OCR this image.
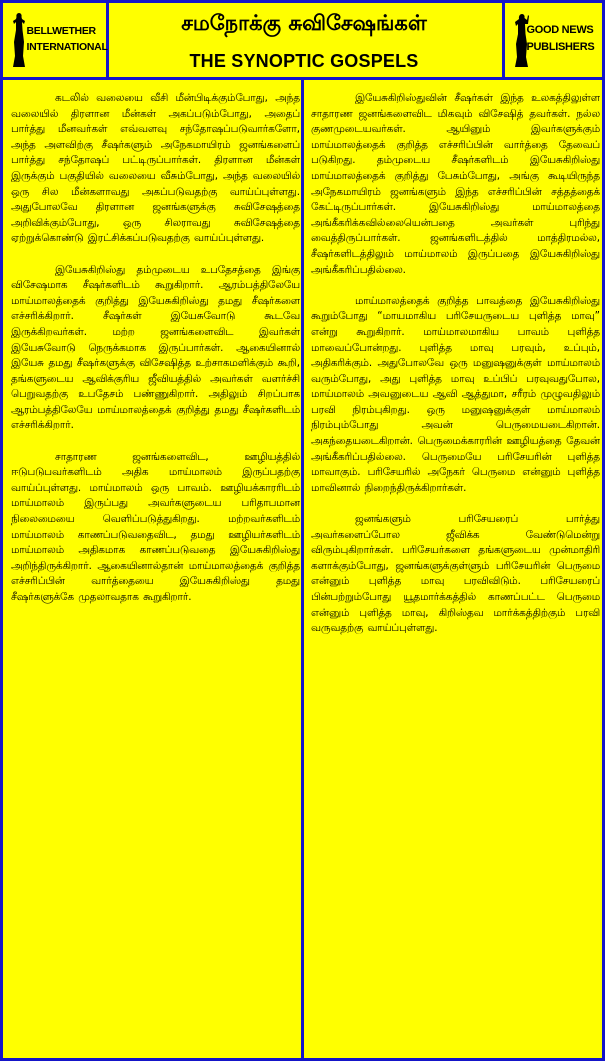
BELLWETHER
INTERNATIONAL
சமநோக்கு சுவிசேஷங்கள்
THE SYNOPTIC GOSPELS
GOOD NEWS
PUBLISHERS

கடலில் வலையை வீசி மீன்பிடிக்கும்போது, அந்த வலையில் திரளான மீன்கள் அகப்படும்போது, அதைப் பார்த்து மீனவர்கள் எவ்வளவு சந்தோஷப்படுவார்களோ, அந்த அளவிற்கு சீஷர்களும் அநேகமாயிரம் ஜனங்களைப் பார்த்து சந்தோஷப் பட்டிருப்பார்கள். திரளான மீன்கள் இருக்கும் பகுதியில் வலையை வீசும்போது, அந்த வலையில் ஒரு சில மீன்களாவது அகப்படுவதற்கு வாய்ப்புள்ளது. அதுபோலவே திரளான ஜனங்களுக்கு சுவிசேஷத்தை அறிவிக்கும்போது, ஒரு சிலராவது சுவிசேஷத்தை ஏற்றுக்கொண்டு இரட்சிக்கப்படுவதற்கு வாய்ப்புள்ளது.

இயேசுகிறிஸ்து தம்முடைய உபதேசத்தை இங்கு விசேஷமாக சீஷர்களிடம் கூறுகிறார். ஆரம்பத்திலேயே மாய்மாலத்தைக் குறித்து இயேசுகிறிஸ்து தமது சீஷர்களை எச்சரிக்கிறார். சீஷர்கள் இயேசுவோடு கூடவே இருக்கிறவர்கள். மற்ற ஜனங்களைவிட இவர்கள் இயேசுவோடு நெருக்கமாக இருப்பார்கள். ஆகையினால் இயேசு தமது சீஷர்களுக்கு விசேஷித்த உற்சாகமளிக்கும் கூறி, தங்களுடைய ஆவிக்குரிய ஜீவியத்தில் அவர்கள் வளர்ச்சி பெறுவதற்கு உபதேசம் பண்ணுகிறார். அதிலும் சிறப்பாக ஆரம்பத்திலேயே மாய்மாலத்தைக் குறித்து தமது சீஷர்களிடம் எச்சரிக்கிறார்.

சாதாரண ஜனங்களைவிட, ஊழியத்தில் ஈடுபடுபவர்களிடம் அதிக மாய்மாலம் இருப்பதற்கு வாய்ப்புள்ளது. மாய்மாலம் ஒரு பாவம். ஊழியக்காரரிடம் மாய்மாலம் இருப்பது அவர்களுடைய பரிதாபமான நிலைமையை வெளிப்படுத்துகிறது. மற்றவர்களிடம் மாய்மாலம் காணப்படுவதைவிட, தமது ஊழியர்களிடம் மாய்மாலம் அதிகமாக காணப்படுவதை இயேசுகிறிஸ்து அறிந்திருக்கிறார். ஆகையினால்தான் மாய்மாலத்தைக் குறித்த எச்சரிப்பின் வார்த்தையை இயேசுகிறிஸ்து தமது சீஷர்களுக்கே முதலாவதாக கூறுகிறார்.

இயேசுகிறிஸ்துவின் சீஷர்கள் இந்த உலகத்திலுள்ள சாதாரண ஜனங்களைவிட மிகவும் விசேஷித் தவர்கள். நல்ல குணமுடையவர்கள். ஆயினும் இவர்களுக்கும் மாய்மாலத்தைக் குறித்த எச்சரிப்பின் வார்த்தை தேவைப் படுகிறது. தம்முடைய சீஷர்களிடம் இயேசுகிறிஸ்து மாய்மாலத்தைக் குறித்து பேசும்போது, அங்கு கூடியிருந்த அநேகமாயிரம் ஜனங்களும் இந்த எச்சரிப்பின் சத்தத்தைக் கேட்டிருப்பார்கள். இயேசுகிறிஸ்து மாய்மாலத்தை அங்கீகரிக்கவில்லையென்பதை அவர்கள் புரிந்து வைத்திருப்பார்கள். ஜனங்களிடத்தில் மாத்திரமல்ல, சீஷர்களிடத்திலும் மாய்மாலம் இருப்பதை இயேசுகிறிஸ்து அங்கீகரிப்பதில்லை.

மாய்மாலத்தைக் குறித்த பாவத்தை இயேசுகிறிஸ்து கூறும்போது “மாயமாகிய பரிசேயருடைய புளித்த மாவு” என்று கூறுகிறார். மாய்மாலமாகிய பாவம் புளித்த மாவைப்போன்றது. புளித்த மாவு பரவும், உப்பும், அதிகரிக்கும். அதுபோலவே ஒரு மனுஷனுக்குள் மாய்மாலம் வரும்போது, அது புளித்த மாவு உப்பிப் பரவுவதுபோல, மாய்மாலம் அவனுடைய ஆவி ஆத்துமா, சரீரம் முழுவதிலும் பரவி நிரம்புகிறது. ஒரு மனுஷனுக்குள் மாய்மாலம் நிரம்பும்போது அவன் பெருமையடைகிறான். அகந்தையடைகிறான். பெருமைக்காரரின் ஊழியத்தை தேவன் அங்கீகரிப்பதில்லை. பெருமையே பரிசேயரின் புளித்த மாவாகும். பரிசேயரில் அநேகர் பெருமை என்னும் புளித்த மாவினால் நிறைந்திருக்கிறார்கள்.

ஜனங்களும் பரிசேயரைப் பார்த்து அவர்களைப்போல ஜீவிக்க வேண்டுமென்று விரும்புகிறார்கள். பரிசேயர்களை தங்களுடைய முன்மாதிரி களாக்கும்போது, ஜனங்களுக்குள்ளும் பரிசேயரின் பெருமை என்னும் புளித்த மாவு பரவிவிடும். பரிசேயரைப் பின்பற்றும்போது யூதமார்க்கத்தில் காணப்பட்ட பெருமை என்னும் புளித்த மாவு, கிறிஸ்தவ மார்க்கத்திற்கும் பரவி வருவதற்கு வாய்ப்புள்ளது.
